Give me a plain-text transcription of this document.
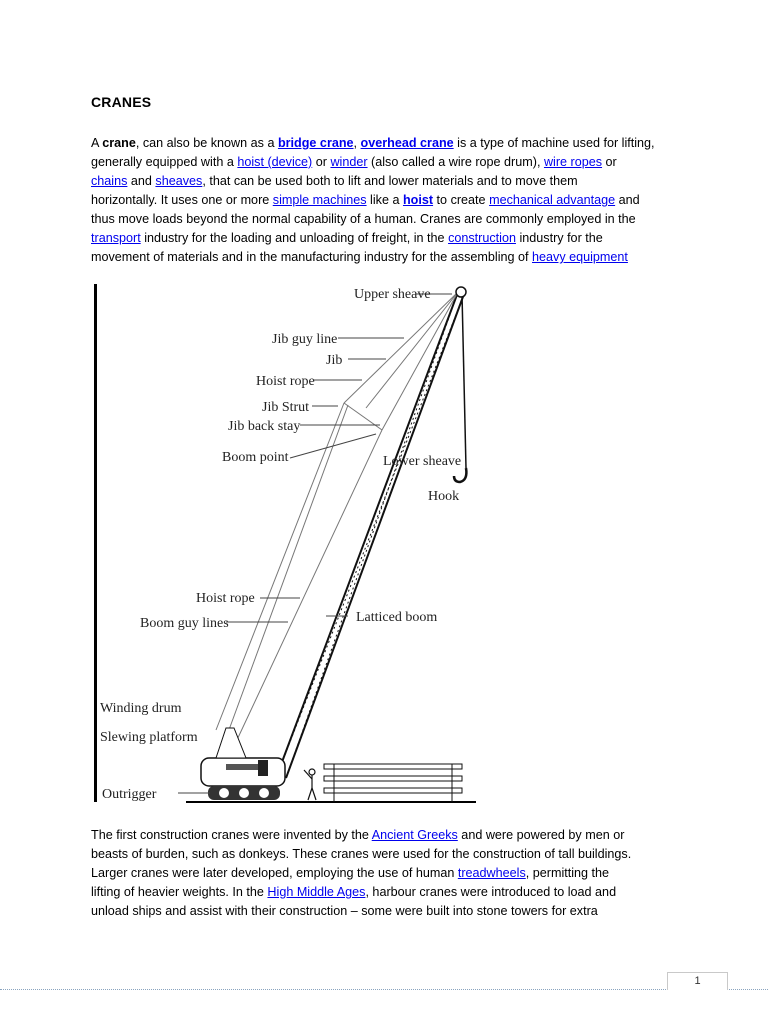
CRANES
A crane, can also be known as a bridge crane, overhead crane is a type of machine used for lifting,
generally equipped with a hoist (device) or winder (also called a wire rope drum), wire ropes or
chains and sheaves, that can be used both to lift and lower materials and to move them
horizontally. It uses one or more simple machines like a hoist to create mechanical advantage and
thus move loads beyond the normal capability of a human. Cranes are commonly employed in the
transport industry for the loading and unloading of freight, in the construction industry for the
movement of materials and in the manufacturing industry for the assembling of heavy equipment
Upper sheave
Jib guy line
Jib
Hoist rope
Jib Strut
Jib back stay
Boom point	Lower sheave
Hook
Hoist rope
Boom guy lines	Latticed boom
Winding drum
Slewing platform
Outrigger
The first construction cranes were invented by the Ancient Greeks and were powered by men or
beasts of burden, such as donkeys. These cranes were used for the construction of tall buildings.
Larger cranes were later developed, employing the use of human treadwheels, permitting the
lifting of heavier weights. In the High Middle Ages, harbour cranes were introduced to load and
unload ships and assist with their construction – some were built into stone towers for extra
1
